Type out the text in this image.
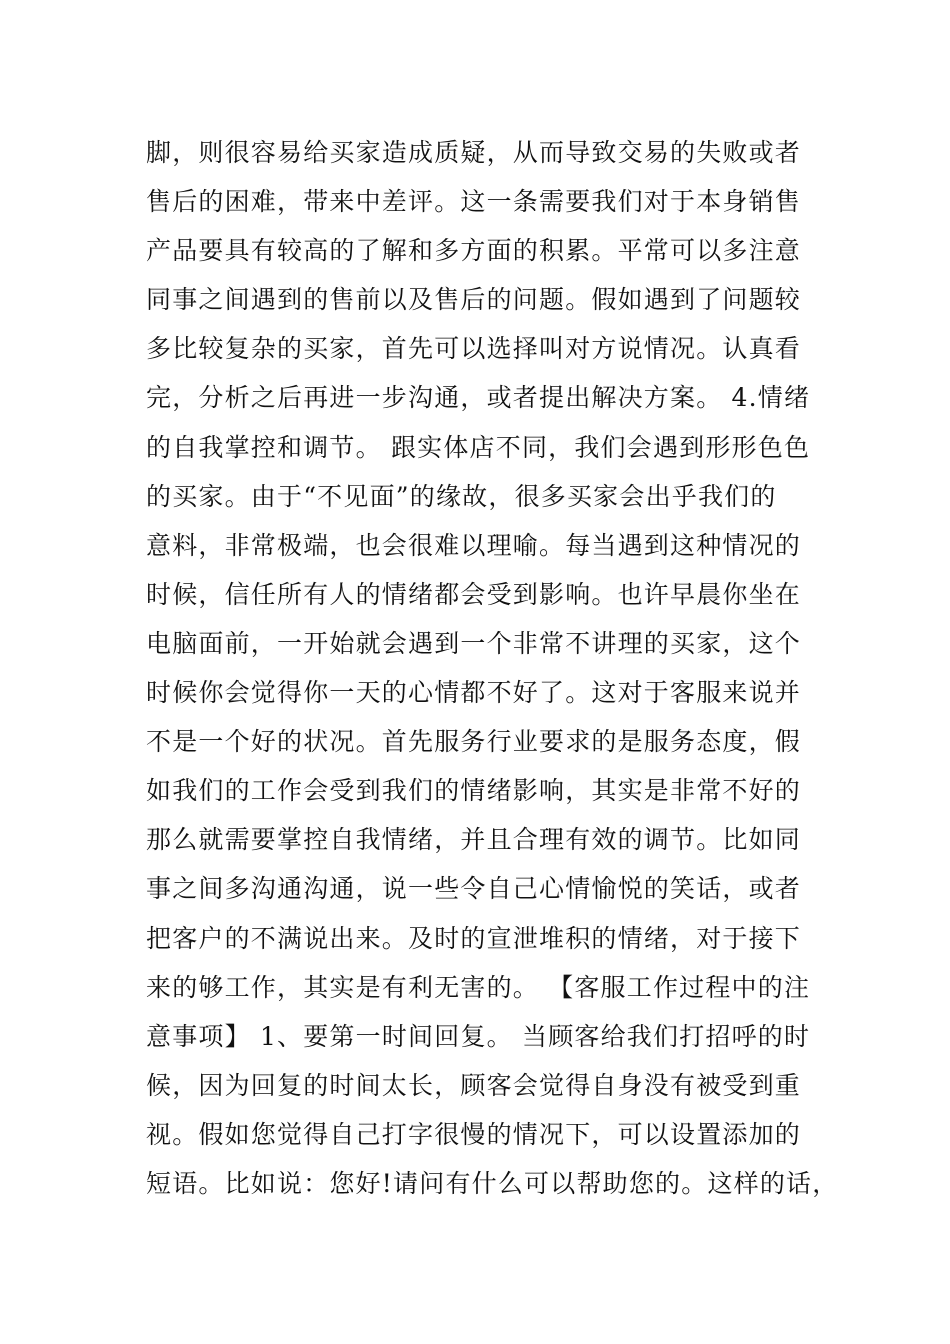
脚，则很容易给买家造成质疑，从而导致交易的失败或者
售后的困难，带来中差评。这一条需要我们对于本身销售
产品要具有较高的了解和多方面的积累。平常可以多注意
同事之间遇到的售前以及售后的问题。假如遇到了问题较
多比较复杂的买家，首先可以选择叫对方说情况。认真看
完，分析之后再进一步沟通，或者提出解决方案。 4.情绪
的自我掌控和调节。 跟实体店不同，我们会遇到形形色色
的买家。由于“不见面”的缘故，很多买家会出乎我们的
意料，非常极端，也会很难以理喻。每当遇到这种情况的
时候，信任所有人的情绪都会受到影响。也许早晨你坐在
电脑面前，一开始就会遇到一个非常不讲理的买家，这个
时候你会觉得你一天的心情都不好了。这对于客服来说并
不是一个好的状况。首先服务行业要求的是服务态度，假
如我们的工作会受到我们的情绪影响，其实是非常不好的
那么就需要掌控自我情绪，并且合理有效的调节。比如同
事之间多沟通沟通，说一些令自己心情愉悦的笑话，或者
把客户的不满说出来。及时的宣泄堆积的情绪，对于接下
来的够工作，其实是有利无害的。 【客服工作过程中的注
意事项】 1、要第一时间回复。 当顾客给我们打招呼的时
候，因为回复的时间太长，顾客会觉得自身没有被受到重
视。假如您觉得自己打字很慢的情况下，可以设置添加的
短语。比如说：您好!请问有什么可以帮助您的。这样的话，
